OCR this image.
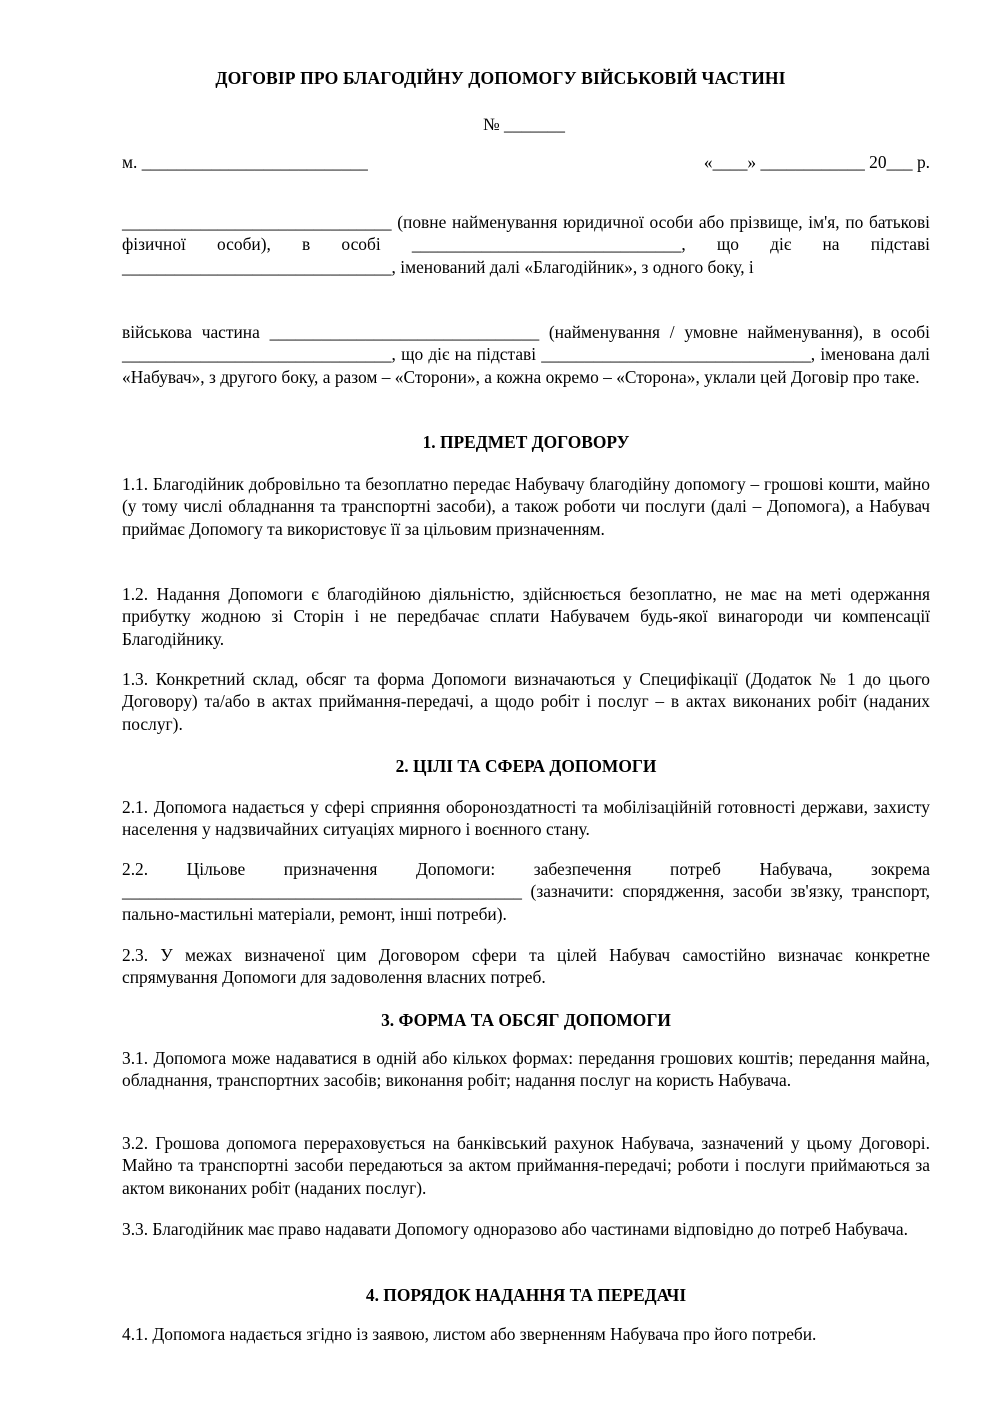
ДОГОВІР ПРО БЛАГОДІЙНУ ДОПОМОГУ ВІЙСЬКОВІЙ ЧАСТИНІ
№ _______
м. __________________________	«____» ____________ 20___ р.

_______________________________ (повне найменування юридичної особи або прізвище, ім'я, по батькові фізичної особи), в особі _______________________________, що діє на підставі _______________________________, іменований далі «Благодійник», з одного боку, і

військова частина _______________________________ (найменування / умовне найменування), в особі _______________________________, що діє на підставі _______________________________, іменована далі «Набувач», з другого боку, а разом – «Сторони», а кожна окремо – «Сторона», уклали цей Договір про таке.

1. ПРЕДМЕТ ДОГОВОРУ

1.1. Благодійник добровільно та безоплатно передає Набувачу благодійну допомогу – грошові кошти, майно (у тому числі обладнання та транспортні засоби), а також роботи чи послуги (далі – Допомога), а Набувач приймає Допомогу та використовує її за цільовим призначенням.

1.2. Надання Допомоги є благодійною діяльністю, здійснюється безоплатно, не має на меті одержання прибутку жодною зі Сторін і не передбачає сплати Набувачем будь-якої винагороди чи компенсації Благодійнику.

1.3. Конкретний склад, обсяг та форма Допомоги визначаються у Специфікації (Додаток № 1 до цього Договору) та/або в актах приймання-передачі, а щодо робіт і послуг – в актах виконаних робіт (наданих послуг).

2. ЦІЛІ ТА СФЕРА ДОПОМОГИ

2.1. Допомога надається у сфері сприяння обороноздатності та мобілізаційній готовності держави, захисту населення у надзвичайних ситуаціях мирного і воєнного стану.

2.2. Цільове призначення Допомоги: забезпечення потреб Набувача, зокрема ______________________________________________ (зазначити: спорядження, засоби зв'язку, транспорт, пально-мастильні матеріали, ремонт, інші потреби).

2.3. У межах визначеної цим Договором сфери та цілей Набувач самостійно визначає конкретне спрямування Допомоги для задоволення власних потреб.

3. ФОРМА ТА ОБСЯГ ДОПОМОГИ

3.1. Допомога може надаватися в одній або кількох формах: передання грошових коштів; передання майна, обладнання, транспортних засобів; виконання робіт; надання послуг на користь Набувача.

3.2. Грошова допомога перераховується на банківський рахунок Набувача, зазначений у цьому Договорі. Майно та транспортні засоби передаються за актом приймання-передачі; роботи і послуги приймаються за актом виконаних робіт (наданих послуг).

3.3. Благодійник має право надавати Допомогу одноразово або частинами відповідно до потреб Набувача.

4. ПОРЯДОК НАДАННЯ ТА ПЕРЕДАЧІ

4.1. Допомога надається згідно із заявою, листом або зверненням Набувача про його потреби.
